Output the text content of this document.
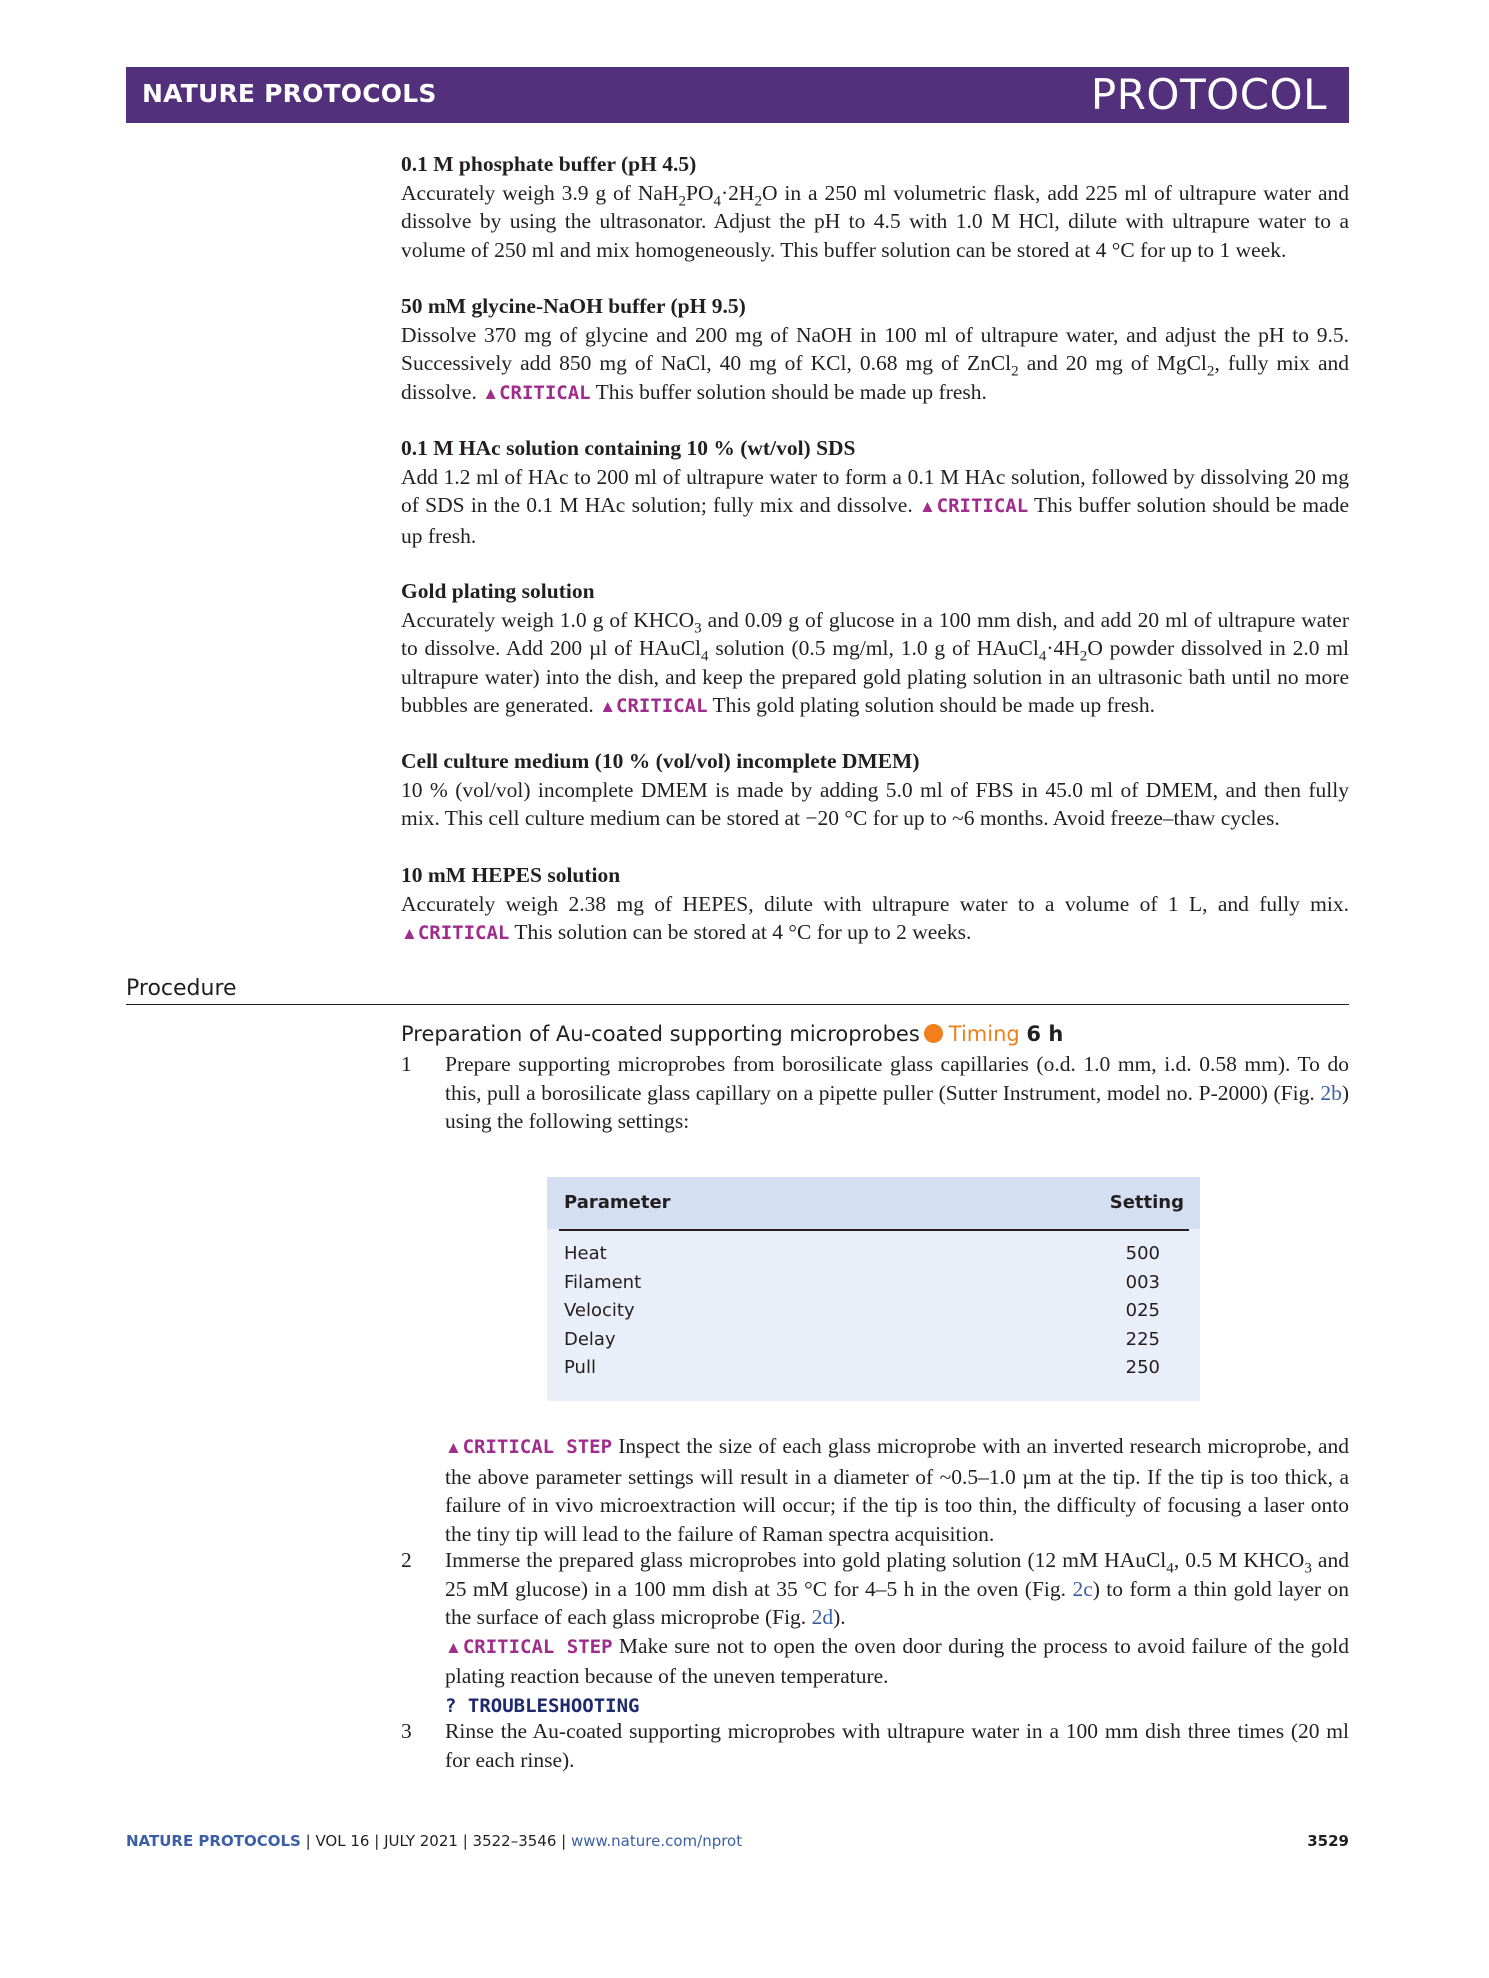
NATURE PROTOCOLS	PROTOCOL
0.1 M phosphate buffer (pH 4.5)

Accurately weigh 3.9 g of $NaH_2PO_4\cdot 2H_2O$ in a 250 ml volumetric flask, add 225 ml of ultrapure water and dissolve by using the ultrasonator. Adjust the pH to 4.5 with 1.0 M HCl, dilute with ultrapure water to a volume of 250 ml and mix homogeneously. This buffer solution can be stored at 4 °C for up to 1 week.

50 mM glycine-NaOH buffer (pH 9.5)

Dissolve 370 mg of glycine and 200 mg of NaOH in 100 ml of ultrapure water, and adjust the pH to 9.5. Successively add 850 mg of NaCl, 40 mg of KCl, 0.68 mg of ZnCl$_2$ and 20 mg of MgCl$_2$, fully mix and dissolve. ▲CRITICAL This buffer solution should be made up fresh.

0.1 M HAc solution containing 10 % (wt/vol) SDS

Add 1.2 ml of HAc to 200 ml of ultrapure water to form a 0.1 M HAc solution, followed by dissolving 20 mg of SDS in the 0.1 M HAc solution; fully mix and dissolve. ▲CRITICAL This buffer solution should be made up fresh.

Gold plating solution

Accurately weigh 1.0 g of $KHCO_3$ and 0.09 g of glucose in a 100 mm dish, and add 20 ml of ultrapure water to dissolve. Add 200 µl of HAuCl$_4$ solution (0.5 mg/ml, 1.0 g of $HAuCl_4\cdot 4H_2O$ powder dissolved in 2.0 ml ultrapure water) into the dish, and keep the prepared gold plating solution in an ultrasonic bath until no more bubbles are generated. ▲CRITICAL This gold plating solution should be made up fresh.

Cell culture medium (10 % (vol/vol) incomplete DMEM)

10 % (vol/vol) incomplete DMEM is made by adding 5.0 ml of FBS in 45.0 ml of DMEM, and then fully mix. This cell culture medium can be stored at −20 °C for up to ~6 months. Avoid freeze–thaw cycles.

10 mM HEPES solution

Accurately weigh 2.38 mg of HEPES, dilute with ultrapure water to a volume of 1 L, and fully mix. ▲CRITICAL This solution can be stored at 4 °C for up to 2 weeks.

Procedure
Preparation of Au-coated supporting microprobes Timing 6 h
1	Prepare supporting microprobes from borosilicate glass capillaries (o.d. 1.0 mm, i.d. 0.58 mm). To do this, pull a borosilicate glass capillary on a pipette puller (Sutter Instrument, model no. P-2000) (Fig. 2b) using the following settings:
Parameter	Setting
Heat	500
Filament	003
Velocity	025
Delay	225
Pull	250
▲CRITICAL STEP Inspect the size of each glass microprobe with an inverted research microprobe, and the above parameter settings will result in a diameter of ~0.5–1.0 µm at the tip. If the tip is too thick, a failure of in vivo microextraction will occur; if the tip is too thin, the difficulty of focusing a laser onto the tiny tip will lead to the failure of Raman spectra acquisition.
2	Immerse the prepared glass microprobes into gold plating solution (12 mM HAuCl$_4$, 0.5 M $KHCO_3$ and 25 mM glucose) in a 100 mm dish at 35 °C for 4–5 h in the oven (Fig. 2c) to form a thin gold layer on the surface of each glass microprobe (Fig. 2d).
▲CRITICAL STEP Make sure not to open the oven door during the process to avoid failure of the gold plating reaction because of the uneven temperature.
? TROUBLESHOOTING
3	Rinse the Au-coated supporting microprobes with ultrapure water in a 100 mm dish three times (20 ml for each rinse).
NATURE PROTOCOLS | VOL 16 | JULY 2021 | 3522–3546 | www.nature.com/nprot	3529
